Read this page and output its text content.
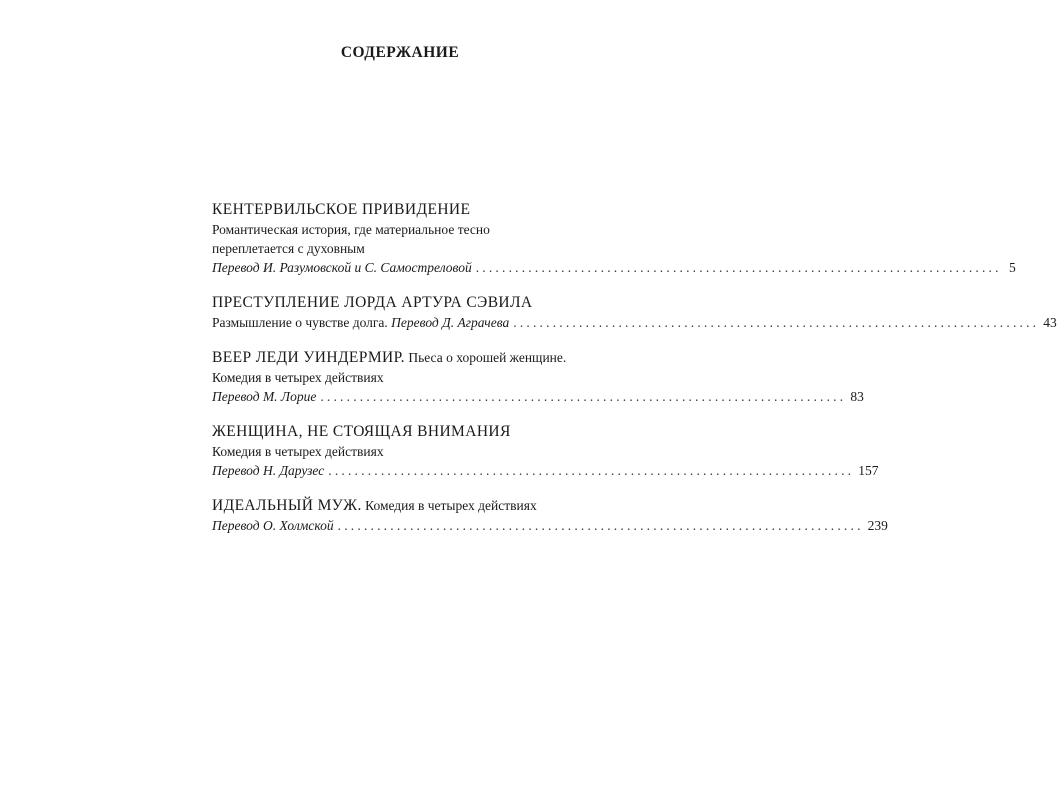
СОДЕРЖАНИЕ
КЕНТЕРВИЛЬСКОЕ ПРИВИДЕНИЕ
Романтическая история, где материальное тесно
переплетается с духовным
Перевод И. Разумовской и С. Самостреловой ................................................................................ 5
ПРЕСТУПЛЕНИЕ ЛОРДА АРТУРА СЭВИЛА
Размышление о чувстве долга. Перевод Д. Аграчева ................................................................................ 43
ВЕЕР ЛЕДИ УИНДЕРМИР. Пьеса о хорошей женщине.
Комедия в четырех действиях
Перевод М. Лорие ................................................................................ 83
ЖЕНЩИНА, НЕ СТОЯЩАЯ ВНИМАНИЯ
Комедия в четырех действиях
Перевод Н. Дарузес ................................................................................ 157
ИДЕАЛЬНЫЙ МУЖ. Комедия в четырех действиях
Перевод О. Холмской ................................................................................ 239
